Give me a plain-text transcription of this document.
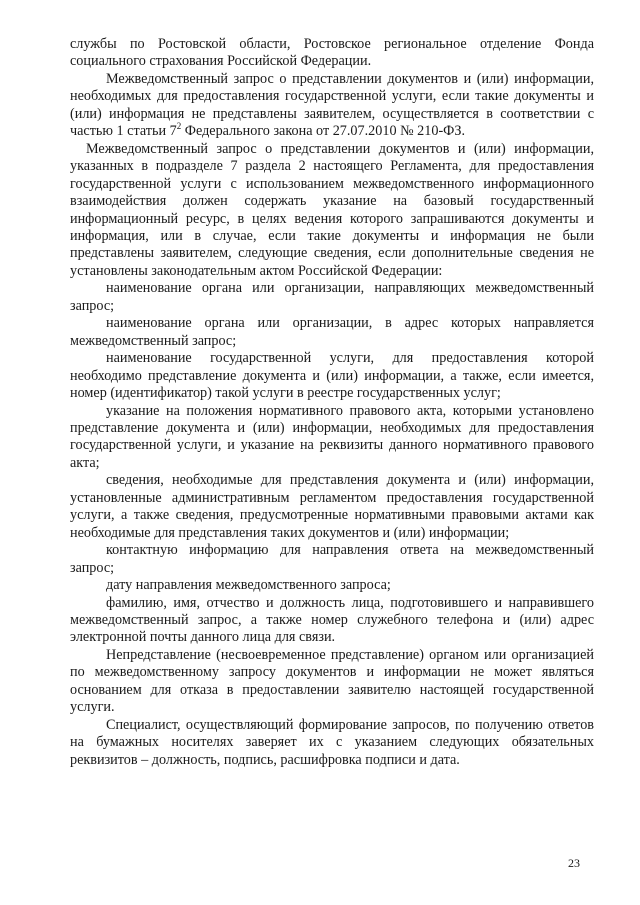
службы по Ростовской области, Ростовское региональное отделение Фонда социального страхования Российской Федерации.

Межведомственный запрос о представлении документов и (или) информации, необходимых для предоставления государственной услуги, если такие документы и (или) информация не представлены заявителем, осуществляется в соответствии с частью 1 статьи $7^2$ Федерального закона от 27.07.2010 № 210-ФЗ.

Межведомственный запрос о представлении документов и (или) информации, указанных в подразделе 7 раздела 2 настоящего Регламента, для предоставления государственной услуги с использованием межведомственного информационного взаимодействия должен содержать указание на базовый государственный информационный ресурс, в целях ведения которого запрашиваются документы и информация, или в случае, если такие документы и информация не были представлены заявителем, следующие сведения, если дополнительные сведения не установлены законодательным актом Российской Федерации:

наименование органа или организации, направляющих межведомственный запрос;

наименование органа или организации, в адрес которых направляется межведомственный запрос;

наименование государственной услуги, для предоставления которой необходимо представление документа и (или) информации, а также, если имеется, номер (идентификатор) такой услуги в реестре государственных услуг;

указание на положения нормативного правового акта, которыми установлено представление документа и (или) информации, необходимых для предоставления государственной услуги, и указание на реквизиты данного нормативного правового акта;

сведения, необходимые для представления документа и (или) информации, установленные административным регламентом предоставления государственной услуги, а также сведения, предусмотренные нормативными правовыми актами как необходимые для представления таких документов и (или) информации;

контактную информацию для направления ответа на межведомственный запрос;

дату направления межведомственного запроса;

фамилию, имя, отчество и должность лица, подготовившего и направившего межведомственный запрос, а также номер служебного телефона и (или) адрес электронной почты данного лица для связи.

Непредставление (несвоевременное представление) органом или организацией по межведомственному запросу документов и информации не может являться основанием для отказа в предоставлении заявителю настоящей государственной услуги.

Специалист, осуществляющий формирование запросов, по получению ответов на бумажных носителях заверяет их с указанием следующих обязательных реквизитов – должность, подпись, расшифровка подписи и дата.

23
